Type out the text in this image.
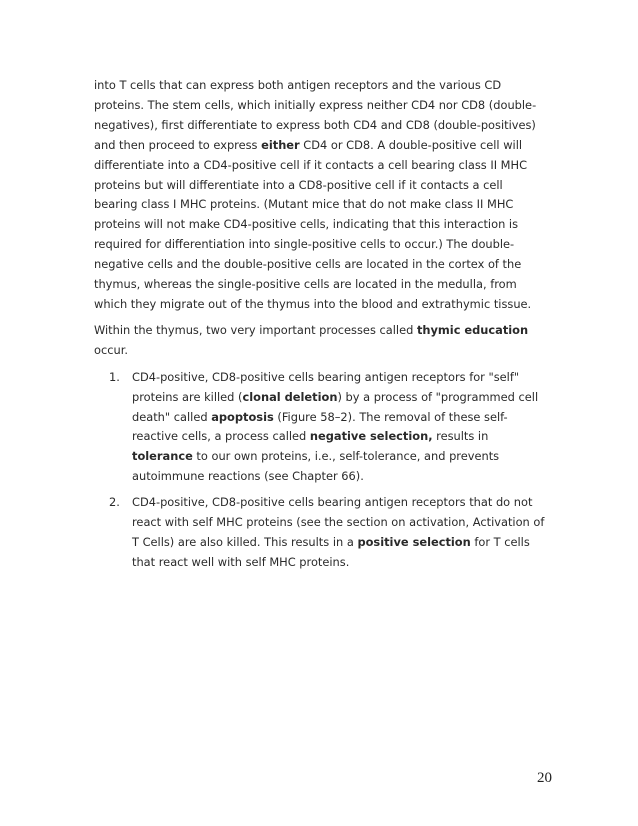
into T cells that can express both antigen receptors and the various CD proteins. The stem cells, which initially express neither CD4 nor CD8 (double-negatives), first differentiate to express both CD4 and CD8 (double-positives) and then proceed to express either CD4 or CD8. A double-positive cell will differentiate into a CD4-positive cell if it contacts a cell bearing class II MHC proteins but will differentiate into a CD8-positive cell if it contacts a cell bearing class I MHC proteins. (Mutant mice that do not make class II MHC proteins will not make CD4-positive cells, indicating that this interaction is required for differentiation into single-positive cells to occur.) The double-negative cells and the double-positive cells are located in the cortex of the thymus, whereas the single-positive cells are located in the medulla, from which they migrate out of the thymus into the blood and extrathymic tissue.

Within the thymus, two very important processes called thymic education occur.

1. CD4-positive, CD8-positive cells bearing antigen receptors for "self" proteins are killed (clonal deletion) by a process of "programmed cell death" called apoptosis (Figure 58–2). The removal of these self-reactive cells, a process called negative selection, results in tolerance to our own proteins, i.e., self-tolerance, and prevents autoimmune reactions (see Chapter 66).
2. CD4-positive, CD8-positive cells bearing antigen receptors that do not react with self MHC proteins (see the section on activation, Activation of T Cells) are also killed. This results in a positive selection for T cells that react well with self MHC proteins.
20
